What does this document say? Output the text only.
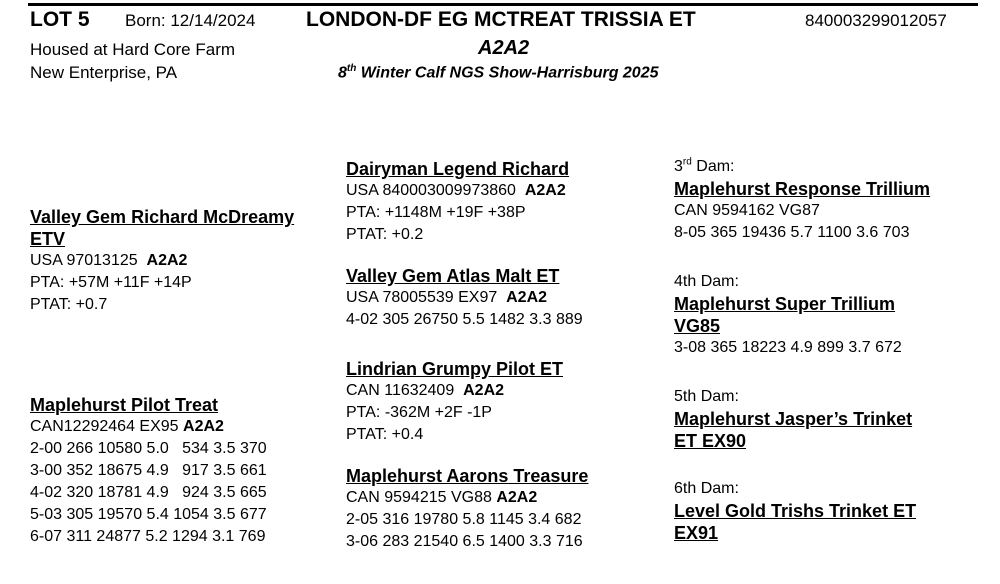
LOT 5 Born: 12/14/2024 LONDON-DF EG MCTREAT TRISSIA ET	840003299012057
Housed at Hard Core Farm
New Enterprise, PA
A2A2
8th Winter Calf NGS Show-Harrisburg 2025
Valley Gem Richard McDreamy
ETV
USA 97013125 A2A2
PTA: +57M +11F +14P
PTAT: +0.7
Dairyman Legend Richard
USA 840003009973860 A2A2
PTA: +1148M +19F +38P
PTAT: +0.2
Valley Gem Atlas Malt ET
USA 78005539 EX97 A2A2
4-02 305 26750 5.5 1482 3.3 889
Maplehurst Pilot Treat
CAN12292464 EX95 A2A2
2-00 266 10580 5.0   534 3.5 370
3-00 352 18675 4.9   917 3.5 661
4-02 320 18781 4.9   924 3.5 665
5-03 305 19570 5.4 1054 3.5 677
6-07 311 24877 5.2 1294 3.1 769
Lindrian Grumpy Pilot ET
CAN 11632409 A2A2
PTA: -362M +2F -1P
PTAT: +0.4
Maplehurst Aarons Treasure
CAN 9594215 VG88 A2A2
2-05 316 19780 5.8 1145 3.4 682
3-06 283 21540 6.5 1400 3.3 716
3rd Dam:
Maplehurst Response Trillium
CAN 9594162 VG87
8-05 365 19436 5.7 1100 3.6 703
4th Dam:
Maplehurst Super Trillium
VG85
3-08 365 18223 4.9 899 3.7 672
5th Dam:
Maplehurst Jasper’s Trinket
ET EX90
6th Dam:
Level Gold Trishs Trinket ET
EX91
